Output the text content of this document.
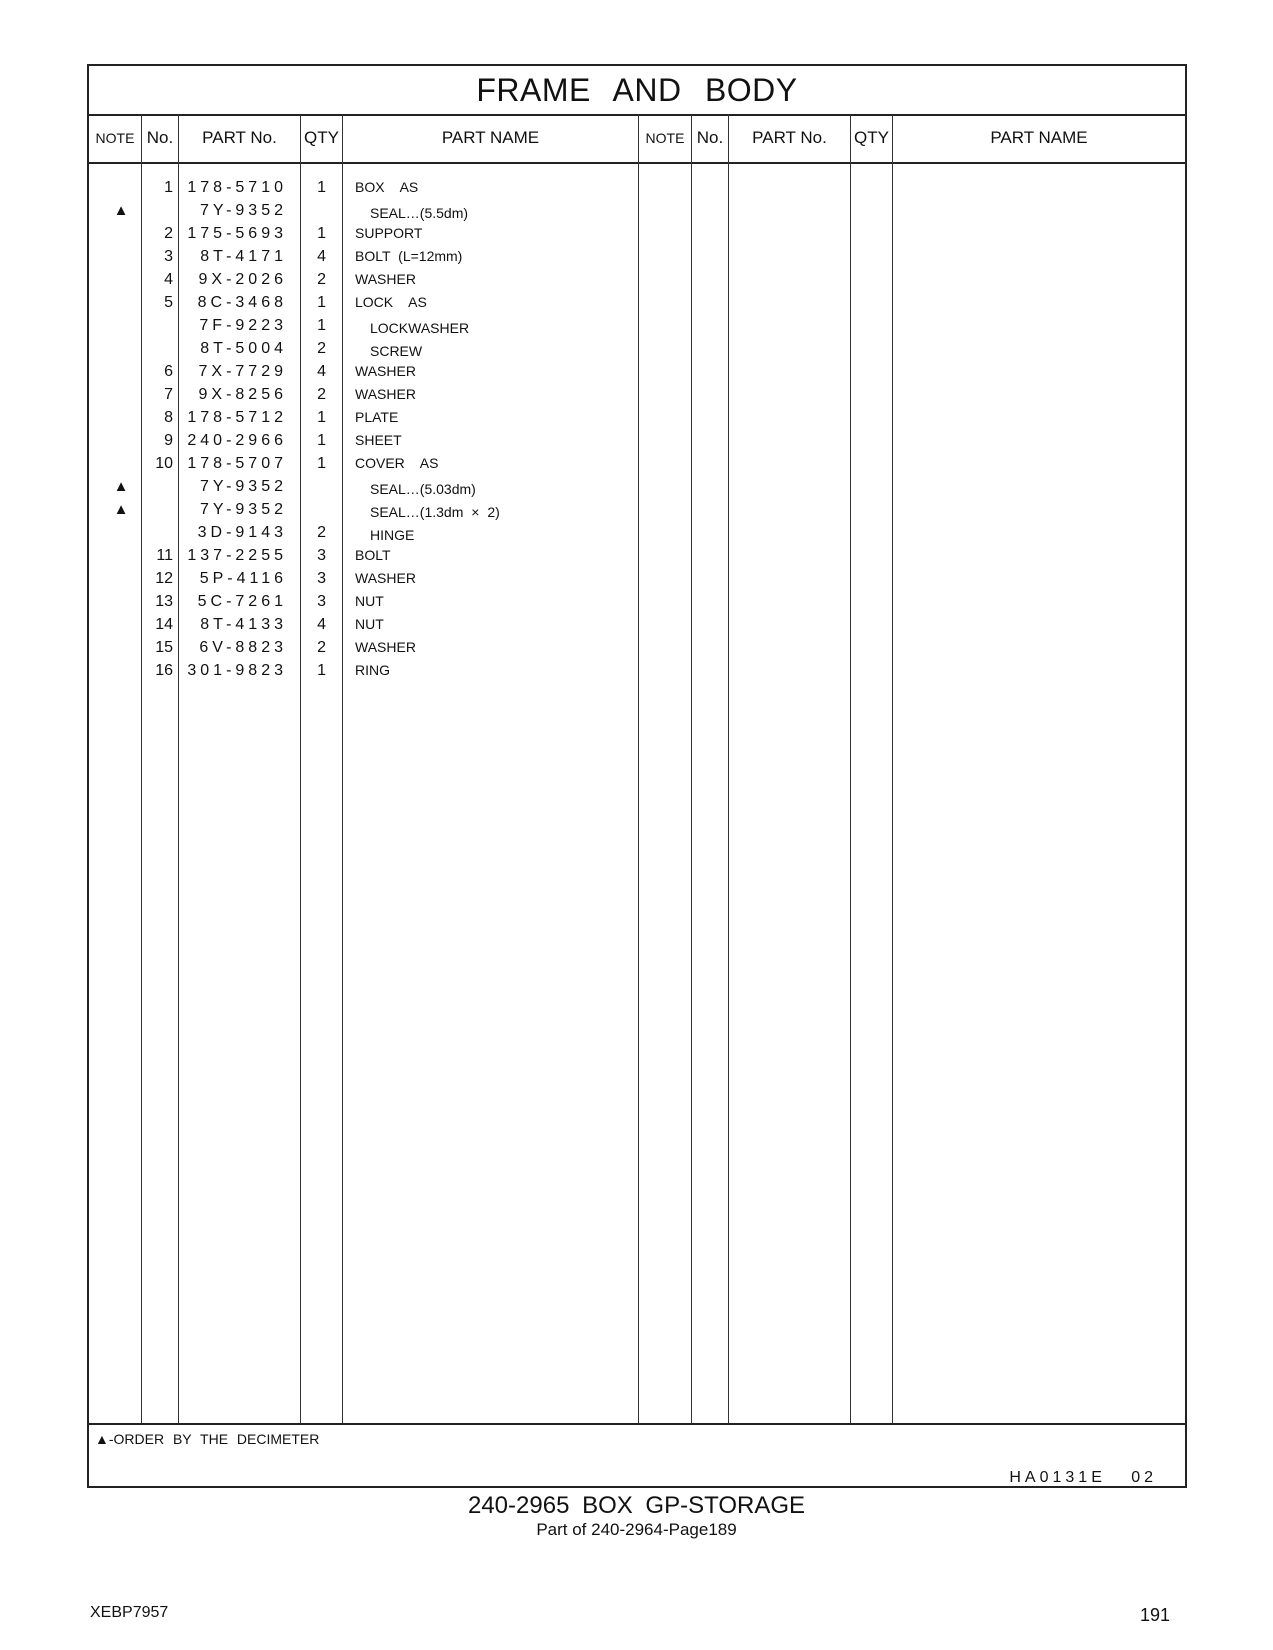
FRAME AND BODY
NOTE No.	PART No.	QTY	PART NAME	NOTE No.	PART No.	QTY	PART NAME
1 178-5710	1 BOX  AS
▲	7Y-9352	SEAL…(5.5dm)
2 175-5693	1 SUPPORT
3	8T-4171	4 BOLT (L=12mm)
4	9X-2026	2 WASHER
5	8C-3468	1 LOCK  AS
7F-9223	1	LOCKWASHER
8T-5004	2	SCREW
6	7X-7729	4 WASHER
7	9X-8256	2 WASHER
8 178-5712	1 PLATE
9 240-2966	1 SHEET
10 178-5707	1 COVER  AS
▲	7Y-9352	SEAL…(5.03dm)
▲	7Y-9352	SEAL…(1.3dm × 2)
3D-9143	2	HINGE
11 137-2255	3 BOLT
12	5P-4116	3 WASHER
13	5C-7261	3 NUT
14	8T-4133	4 NUT
15	6V-8823	2 WASHER
16 301-9823	1 RING
▲-ORDER BY THE DECIMETER
HA0131E   02
240-2965 BOX GP-STORAGE
Part of 240-2964-Page189
XEBP7957	191
